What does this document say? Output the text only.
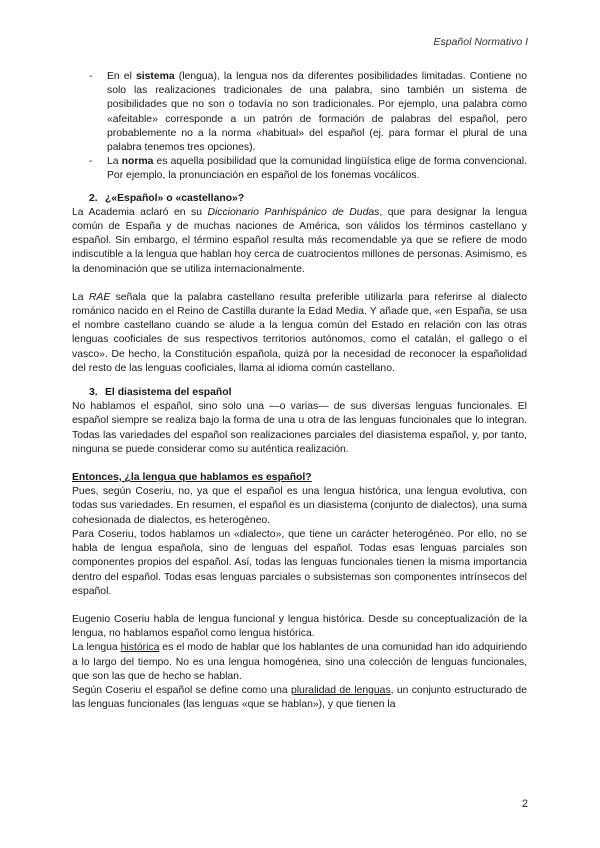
Español Normativo I
- En el sistema (lengua), la lengua nos da diferentes posibilidades limitadas. Contiene no solo las realizaciones tradicionales de una palabra, sino también un sistema de posibilidades que no son o todavía no son tradicionales. Por ejemplo, una palabra como «afeitable» corresponde a un patrón de formación de palabras del español, pero probablemente no a la norma «habitual» del español (ej. para formar el plural de una palabra tenemos tres opciones).
- La norma es aquella posibilidad que la comunidad lingüística elige de forma convencional. Por ejemplo, la pronunciación en español de los fonemas vocálicos.
2. ¿«Español» o «castellano»?

La Academia aclaró en su Diccionario Panhispánico de Dudas, que para designar la lengua común de España y de muchas naciones de América, son válidos los términos castellano y español. Sin embargo, el término español resulta más recomendable ya que se refiere de modo indiscutible a la lengua que hablan hoy cerca de cuatrocientos millones de personas. Asimismo, es la denominación que se utiliza internacionalmente.

La RAE señala que la palabra castellano resulta preferible utilizarla para referirse al dialecto románico nacido en el Reino de Castilla durante la Edad Media. Y añade que, «en España, se usa el nombre castellano cuando se alude a la lengua común del Estado en relación con las otras lenguas cooficiales de sus respectivos territorios autónomos, como el catalán, el gallego o el vasco». De hecho, la Constitución española, quizá por la necesidad de reconocer la españolidad del resto de las lenguas cooficiales, llama al idioma común castellano.

3. El diasistema del español

No hablamos el español, sino solo una —o varias— de sus diversas lenguas funcionales. El español siempre se realiza bajo la forma de una u otra de las lenguas funcionales que lo integran. Todas las variedades del español son realizaciones parciales del diasistema español, y, por tanto, ninguna se puede considerar como su auténtica realización.

Entonces, ¿la lengua que hablamos es español?

Pues, según Coseriu, no, ya que el español es una lengua histórica, una lengua evolutiva, con todas sus variedades. En resumen, el español es un diasistema (conjunto de dialectos), una suma cohesionada de dialectos, es heterogéneo.

Para Coseriu, todos hablamos un «dialecto», que tiene un carácter heterogéneo. Por ello, no se habla de lengua española, sino de lenguas del español. Todas esas lenguas parciales son componentes propios del español. Así, todas las lenguas funcionales tienen la misma importancia dentro del español. Todas esas lenguas parciales o subsistemas son componentes intrínsecos del español.

Eugenio Coseriu habla de lengua funcional y lengua histórica. Desde su conceptualización de la lengua, no hablamos español como lengua histórica.

La lengua histórica es el modo de hablar que los hablantes de una comunidad han ido adquiriendo a lo largo del tiempo. No es una lengua homogénea, sino una colección de lenguas funcionales, que son las que de hecho se hablan.

Según Coseriu el español se define como una pluralidad de lenguas, un conjunto estructurado de las lenguas funcionales (las lenguas «que se hablan»), y que tienen la

2
